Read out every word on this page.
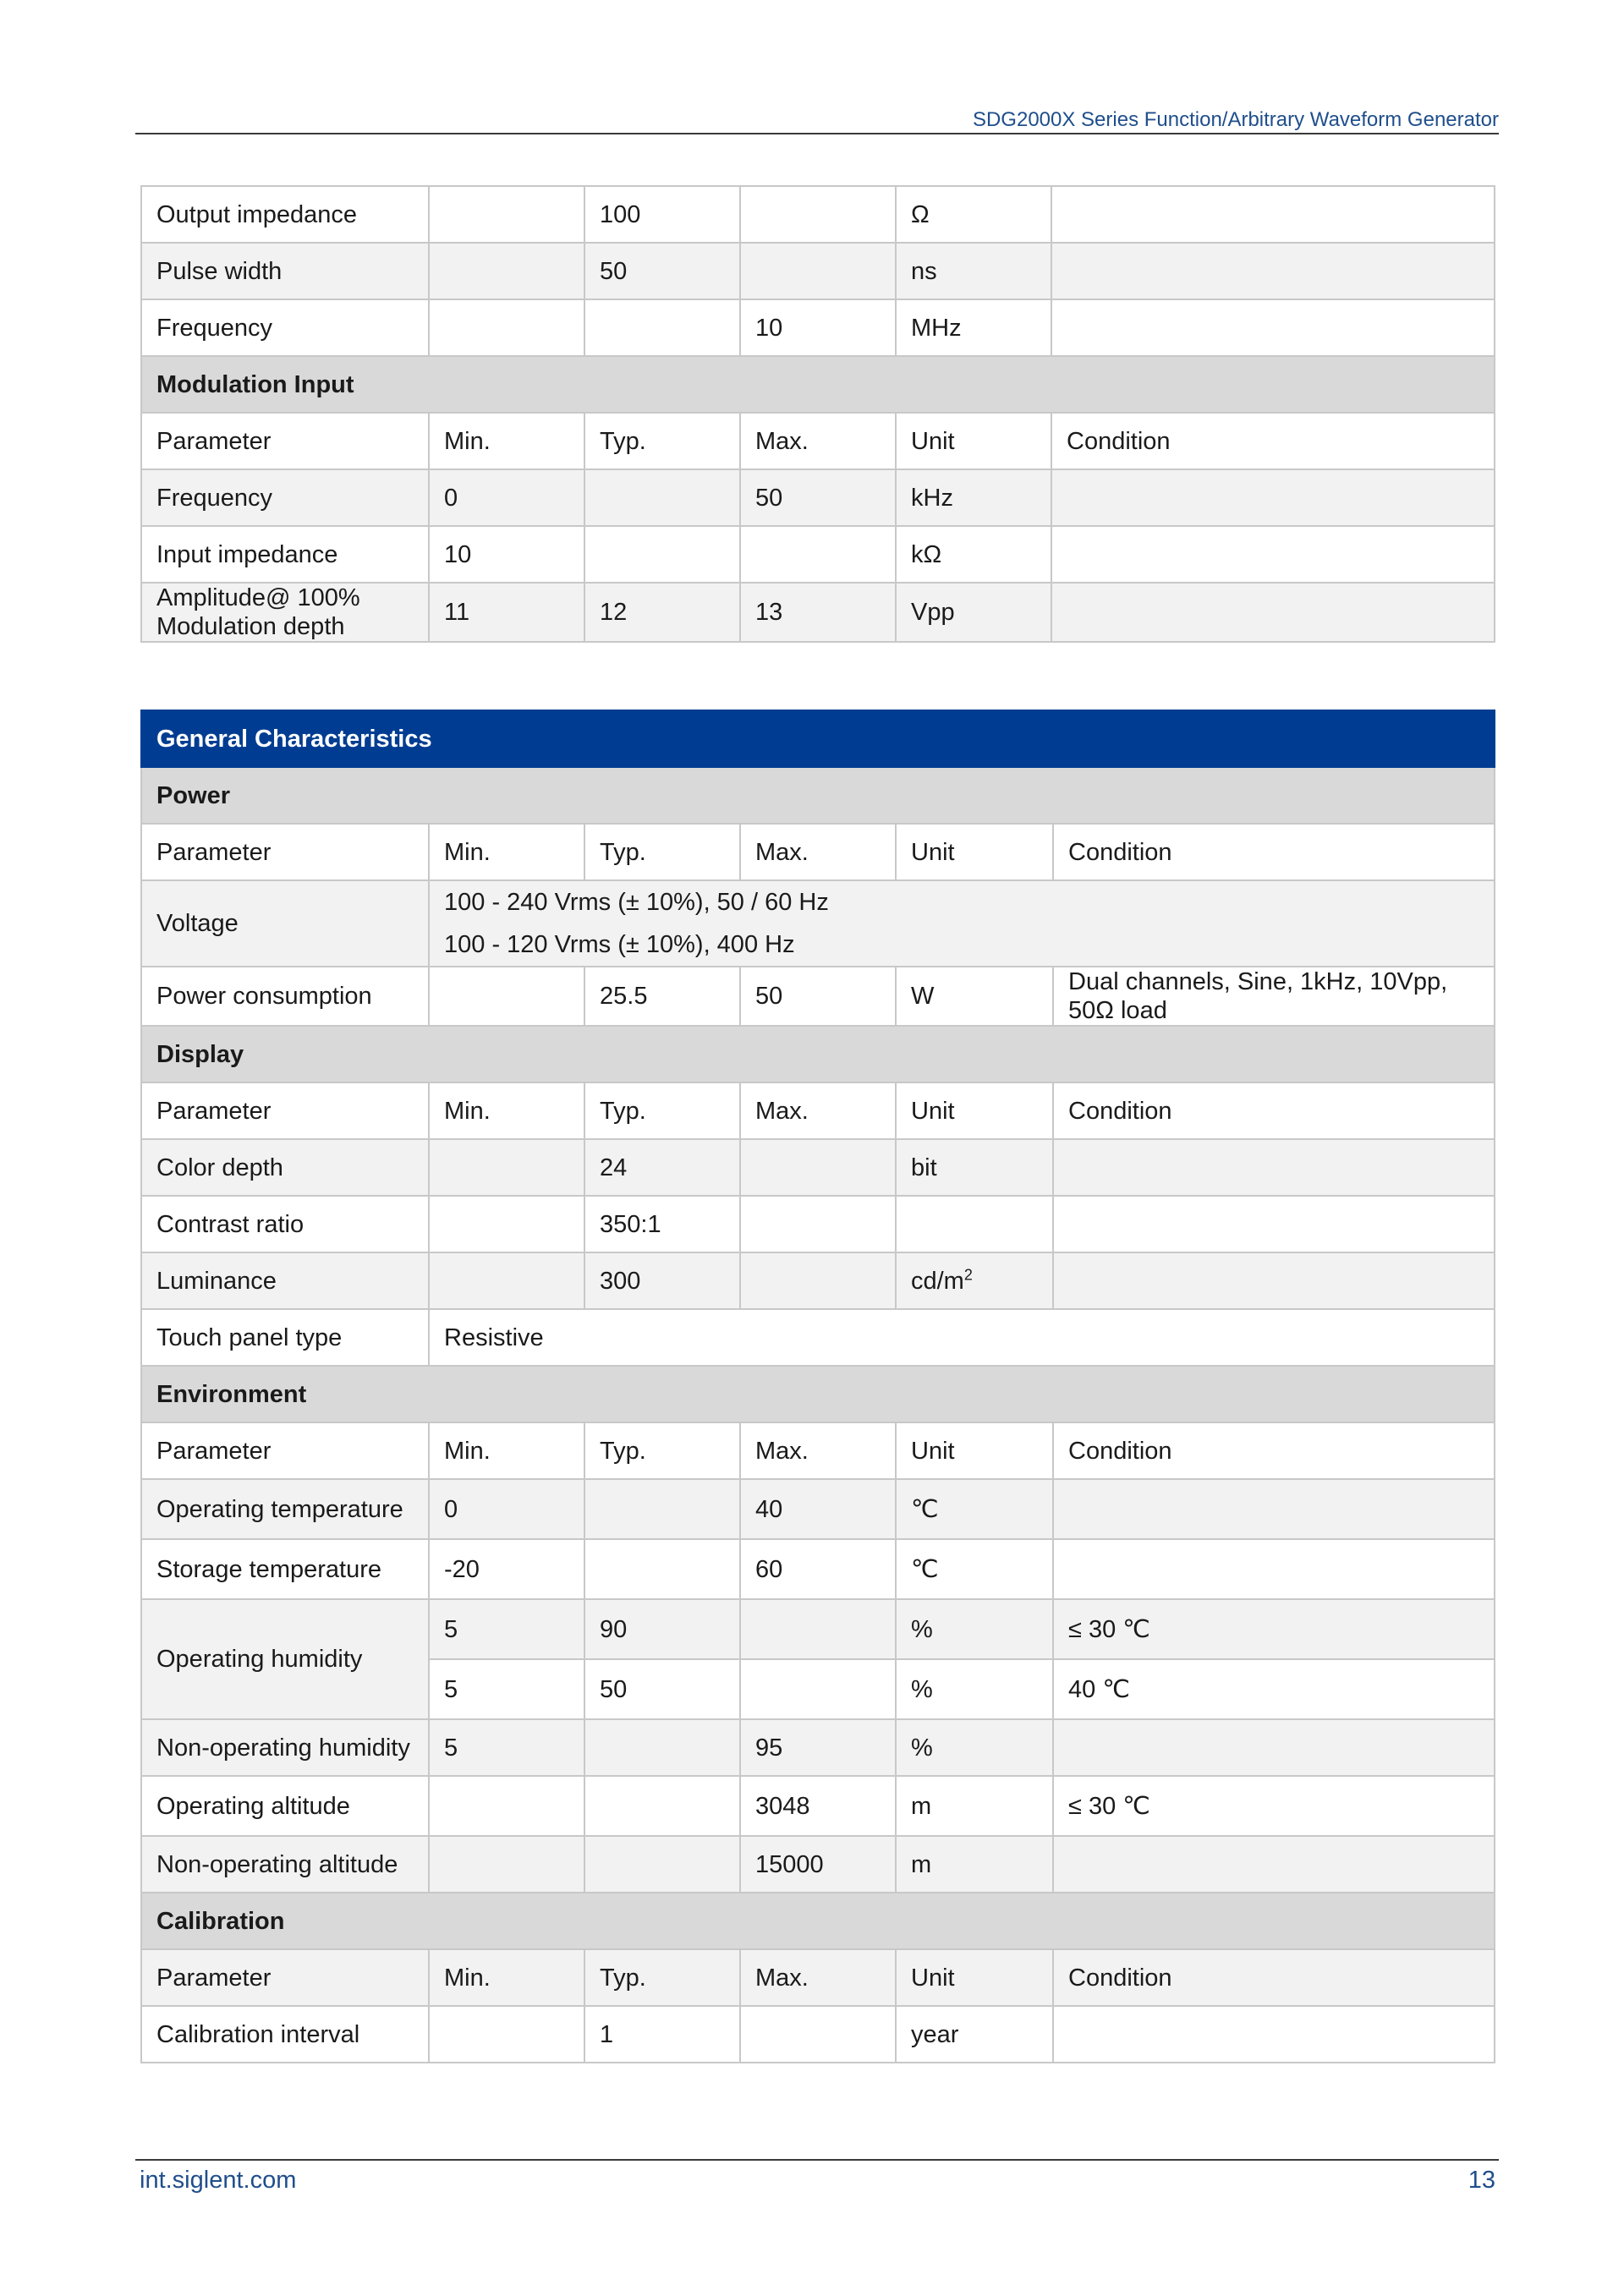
SDG2000X Series Function/Arbitrary Waveform Generator
Output impedance		100		Ω	
Pulse width		50		ns	
Frequency			10	MHz	
Modulation Input					
Parameter	Min.	Typ.	Max.	Unit	Condition
Frequency	0		50	kHz	
Input impedance	10			kΩ	
Amplitude@ 100%
Modulation depth	11	12	13	Vpp	
General Characteristics					
Power					
Parameter	Min.	Typ.	Max.	Unit	Condition
Voltage	100 - 240 Vrms (± 10%), 50 / 60 Hz
100 - 120 Vrms (± 10%), 400 Hz				

Power consumption		25.5	50	W	Dual channels, Sine, 1kHz, 10Vpp,
50Ω load
Display					
Parameter	Min.	Typ.	Max.	Unit	Condition
Color depth		24		bit	
Contrast ratio		350:1			
Luminance		300		$cd/m^2$	
Touch panel type	Resistive				
Environment					
Parameter	Min.	Typ.	Max.	Unit	Condition
Operating temperature	0		40	℃	
Storage temperature	-20		60	℃	
Operating humidity	5	90		%	≤ 30 ℃
	5	50		%	40 ℃
Non-operating humidity	5		95	%	
Operating altitude			3048	m	≤ 30 ℃
Non-operating altitude			15000	m	
Calibration					
Parameter	Min.	Typ.	Max.	Unit	Condition
Calibration interval		1		year	
int.siglent.com	13
